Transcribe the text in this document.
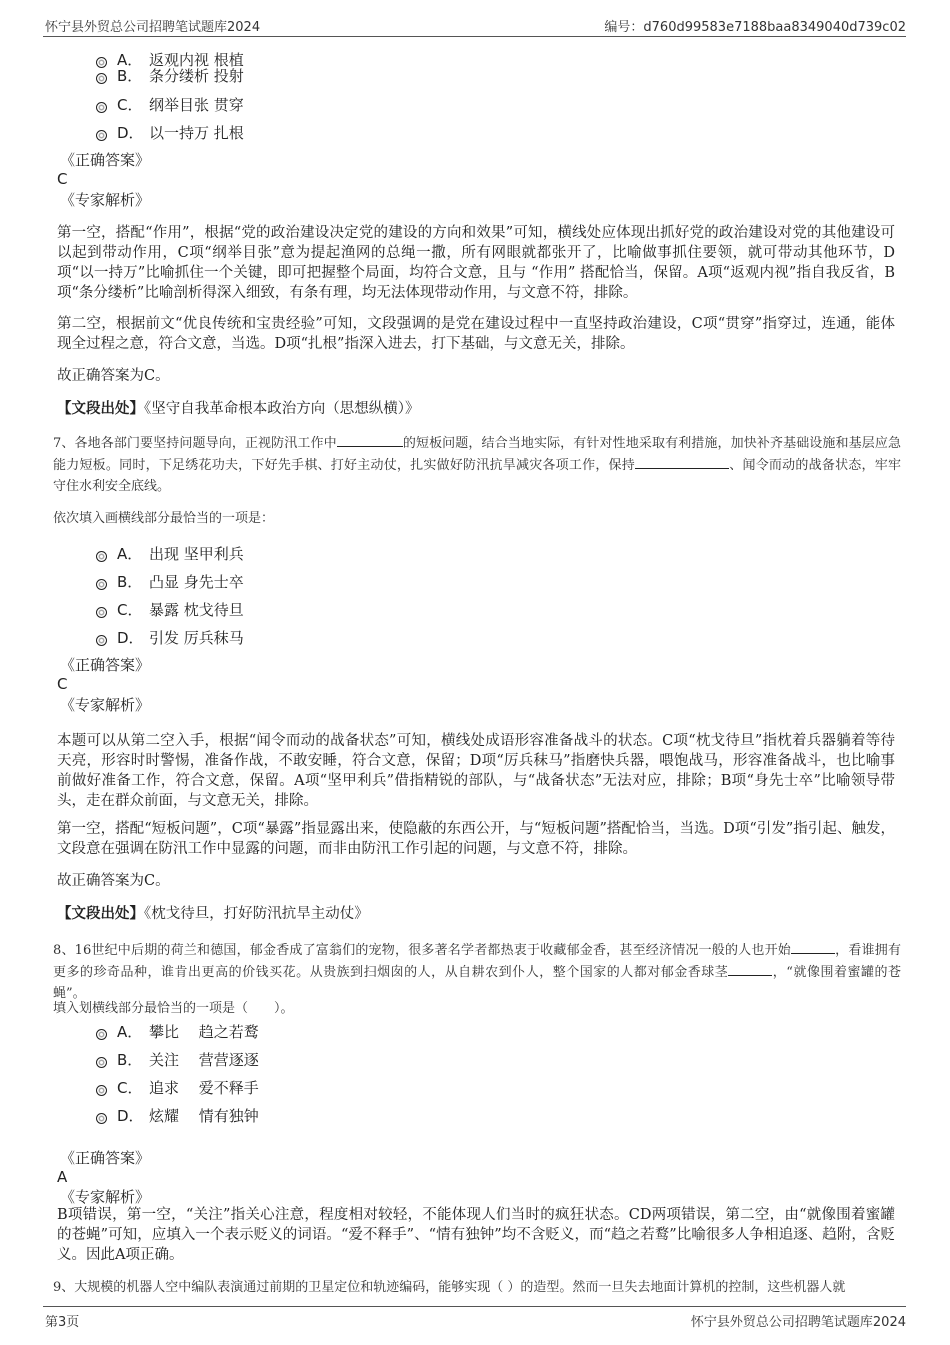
怀宁县外贸总公司招聘笔试题库2024	编号：d760d99583e7188baa8349040d739c02
A． 返观内视 根植
B． 条分缕析 投射
C． 纲举目张 贯穿
D． 以一持万 扎根
《正确答案》
C
《专家解析》
第一空，搭配“作用”，根据“党的政治建设决定党的建设的方向和效果”可知，横线处应体现出抓好党的政治建设对党的其他建设可以起到带动作用，C项“纲举目张”意为提起渔网的总绳一撒，所有网眼就都张开了，比喻做事抓住要领，就可带动其他环节，D项“以一持万”比喻抓住一个关键，即可把握整个局面，均符合文意，且与 “作用” 搭配恰当，保留。A项“返观内视”指自我反省，B项“条分缕析”比喻剖析得深入细致，有条有理，均无法体现带动作用，与文意不符，排除。
第二空，根据前文“优良传统和宝贵经验”可知，文段强调的是党在建设过程中一直坚持政治建设，C项“贯穿”指穿过，连通，能体现全过程之意，符合文意，当选。D项“扎根”指深入进去，打下基础，与文意无关，排除。
故正确答案为C。
【文段出处】《坚守自我革命根本政治方向（思想纵横）》
7、各地各部门要坚持问题导向，正视防汛工作中	的短板问题，结合当地实际，有针对性地采取有利措施，加快补齐基础设施和基层应急能力短板。同时，下足绣花功夫，下好先手棋、打好主动仗，扎实做好防汛抗旱减灾各项工作，保持	、闻令而动的战备状态，牢牢守住水利安全底线。
依次填入画横线部分最恰当的一项是：
A． 出现 坚甲利兵
B． 凸显 身先士卒
C． 暴露 枕戈待旦
D． 引发 厉兵秣马
《正确答案》
C
《专家解析》
本题可以从第二空入手，根据“闻令而动的战备状态”可知，横线处成语形容准备战斗的状态。C项“枕戈待旦”指枕着兵器躺着等待天亮，形容时时警惕，准备作战，不敢安睡，符合文意，保留；D项“厉兵秣马”指磨快兵器，喂饱战马，形容准备战斗，也比喻事前做好准备工作，符合文意，保留。A项“坚甲利兵”借指精锐的部队，与“战备状态”无法对应，排除；B项“身先士卒”比喻领导带头，走在群众前面，与文意无关，排除。
第一空，搭配“短板问题”，C项“暴露”指显露出来，使隐蔽的东西公开，与“短板问题”搭配恰当，当选。D项“引发”指引起、触发，文段意在强调在防汛工作中显露的问题，而非由防汛工作引起的问题，与文意不符，排除。
故正确答案为C。
【文段出处】《枕戈待旦，打好防汛抗旱主动仗》
8、16世纪中后期的荷兰和德国，郁金香成了富翁们的宠物，很多著名学者都热衷于收藏郁金香，甚至经济情况一般的人也开始	，看谁拥有更多的珍奇品种，谁肯出更高的价钱买花。从贵族到扫烟囱的人，从自耕农到仆人，整个国家的人都对郁金香球茎	，“就像围着蜜罐的苍蝇”。
填入划横线部分最恰当的一项是（　　）。
A． 攀比　 趋之若鹜
B． 关注　 营营逐逐
C． 追求　 爱不释手
D． 炫耀　 情有独钟
《正确答案》
A
《专家解析》
B项错误，第一空，“关注”指关心注意，程度相对较轻，不能体现人们当时的疯狂状态。CD两项错误，第二空，由“就像围着蜜罐的苍蝇”可知，应填入一个表示贬义的词语。“爱不释手”、“情有独钟”均不含贬义，而“趋之若鹜”比喻很多人争相追逐、趋附，含贬义。因此A项正确。
9、大规模的机器人空中编队表演通过前期的卫星定位和轨迹编码，能够实现（ ）的造型。然而一旦失去地面计算机的控制，这些机器人就
第3页	怀宁县外贸总公司招聘笔试题库2024
